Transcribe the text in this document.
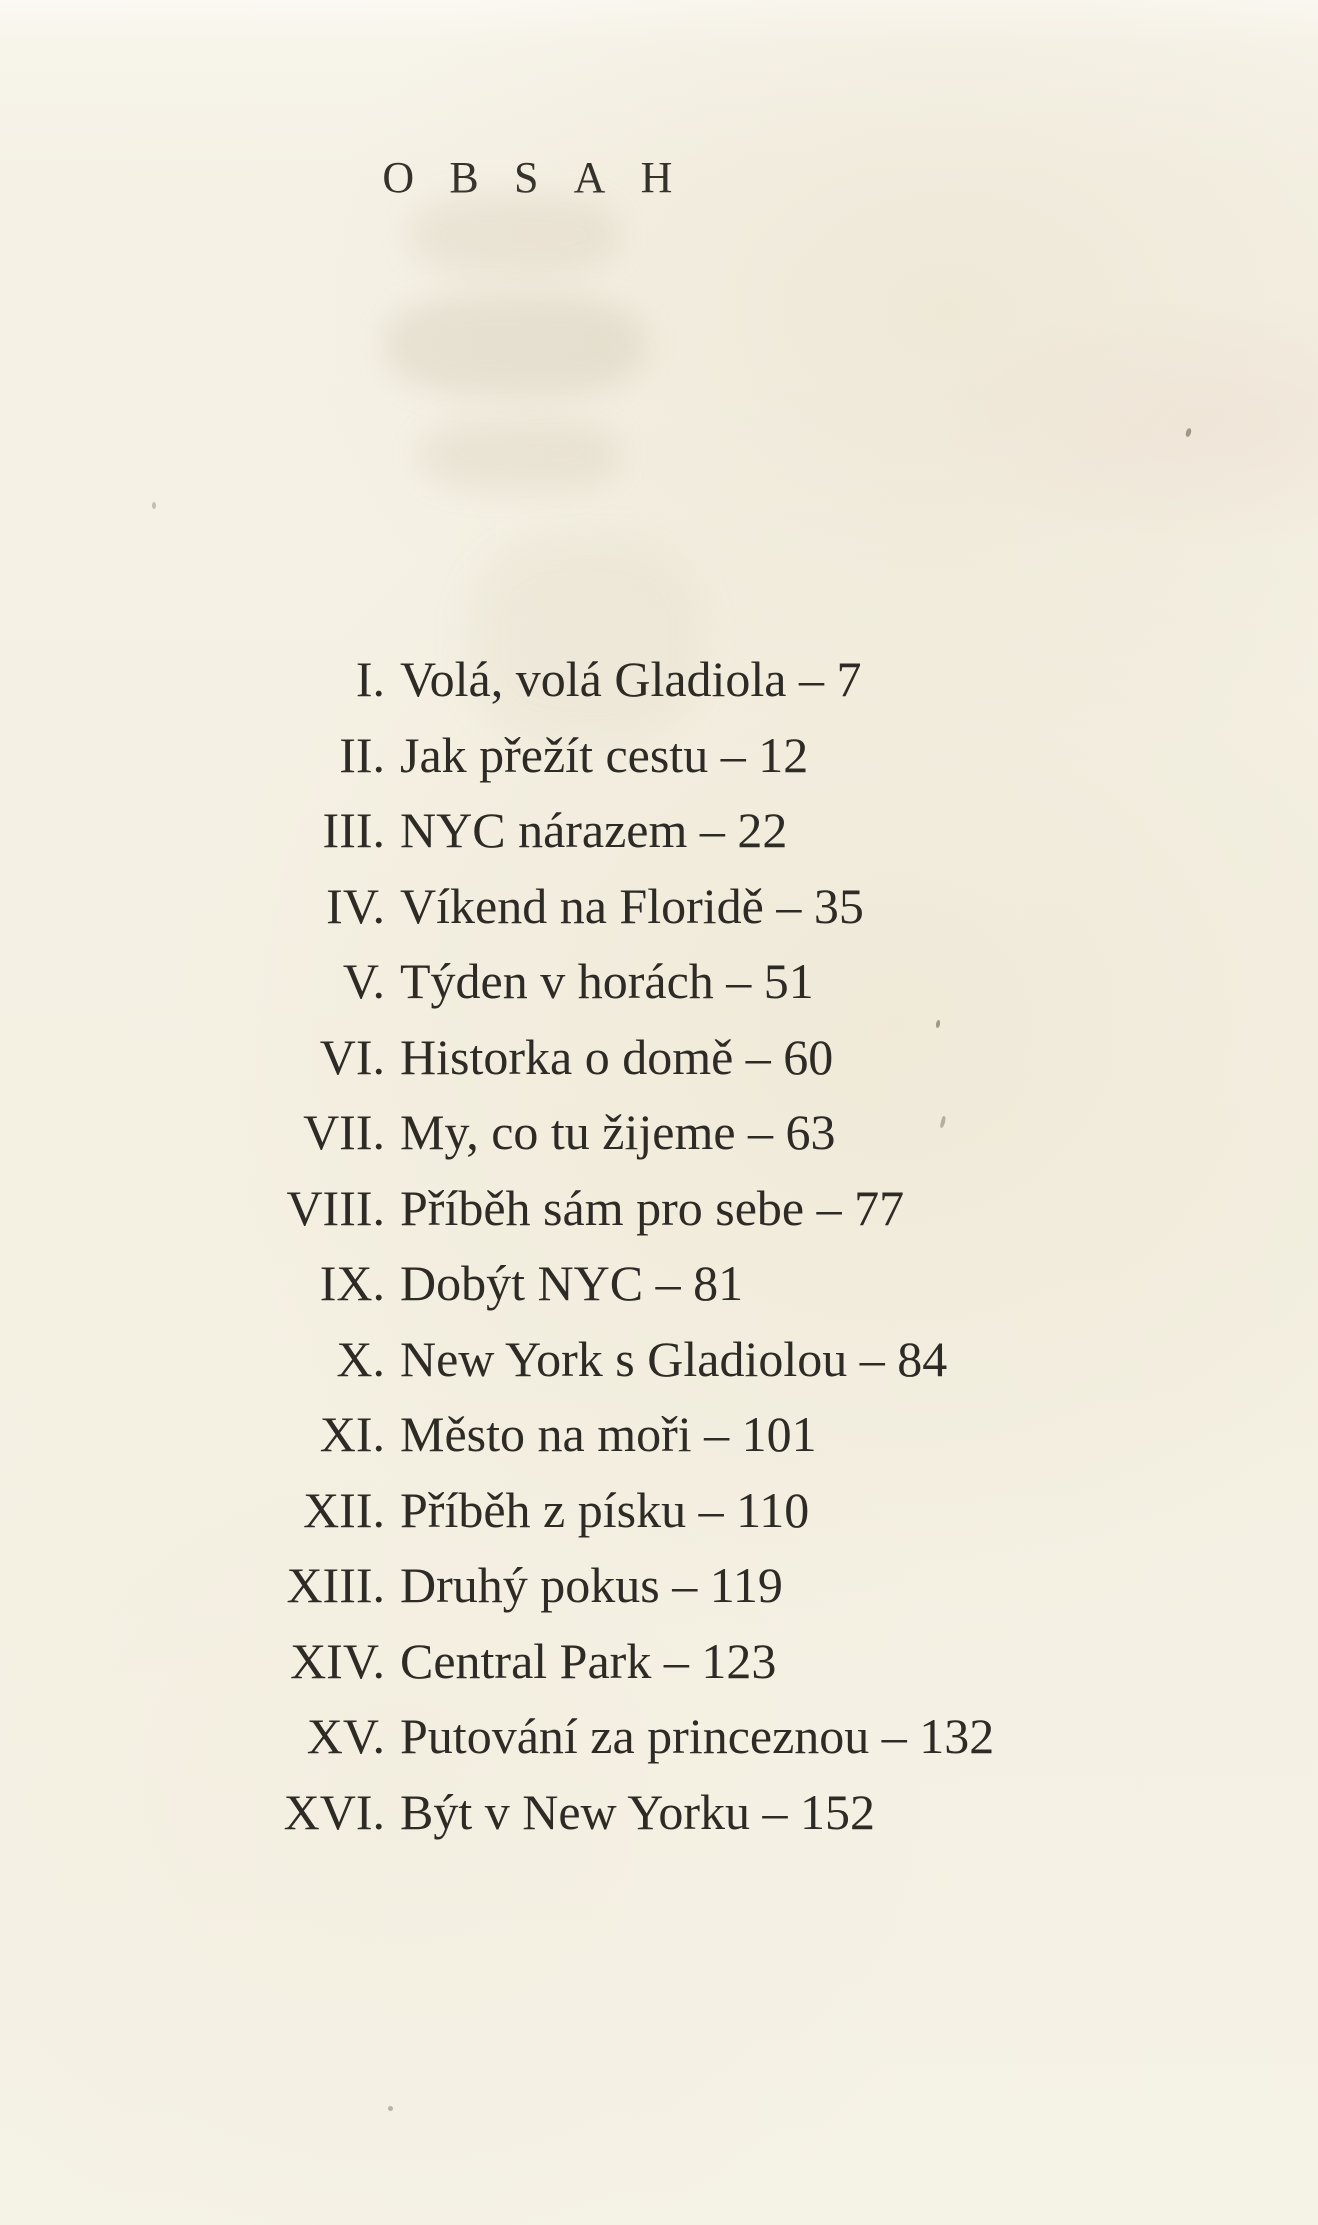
OBSAH
I. Volá, volá Gladiola – 7
II. Jak přežít cestu – 12
III. NYC nárazem – 22
IV. Víkend na Floridě – 35
V. Týden v horách – 51
VI. Historka o domě – 60
VII. My, co tu žijeme – 63
VIII. Příběh sám pro sebe – 77
IX. Dobýt NYC – 81
X. New York s Gladiolou – 84
XI. Město na moři – 101
XII. Příběh z písku – 110
XIII. Druhý pokus – 119
XIV. Central Park – 123
XV. Putování za princeznou – 132
XVI. Být v New Yorku – 152
